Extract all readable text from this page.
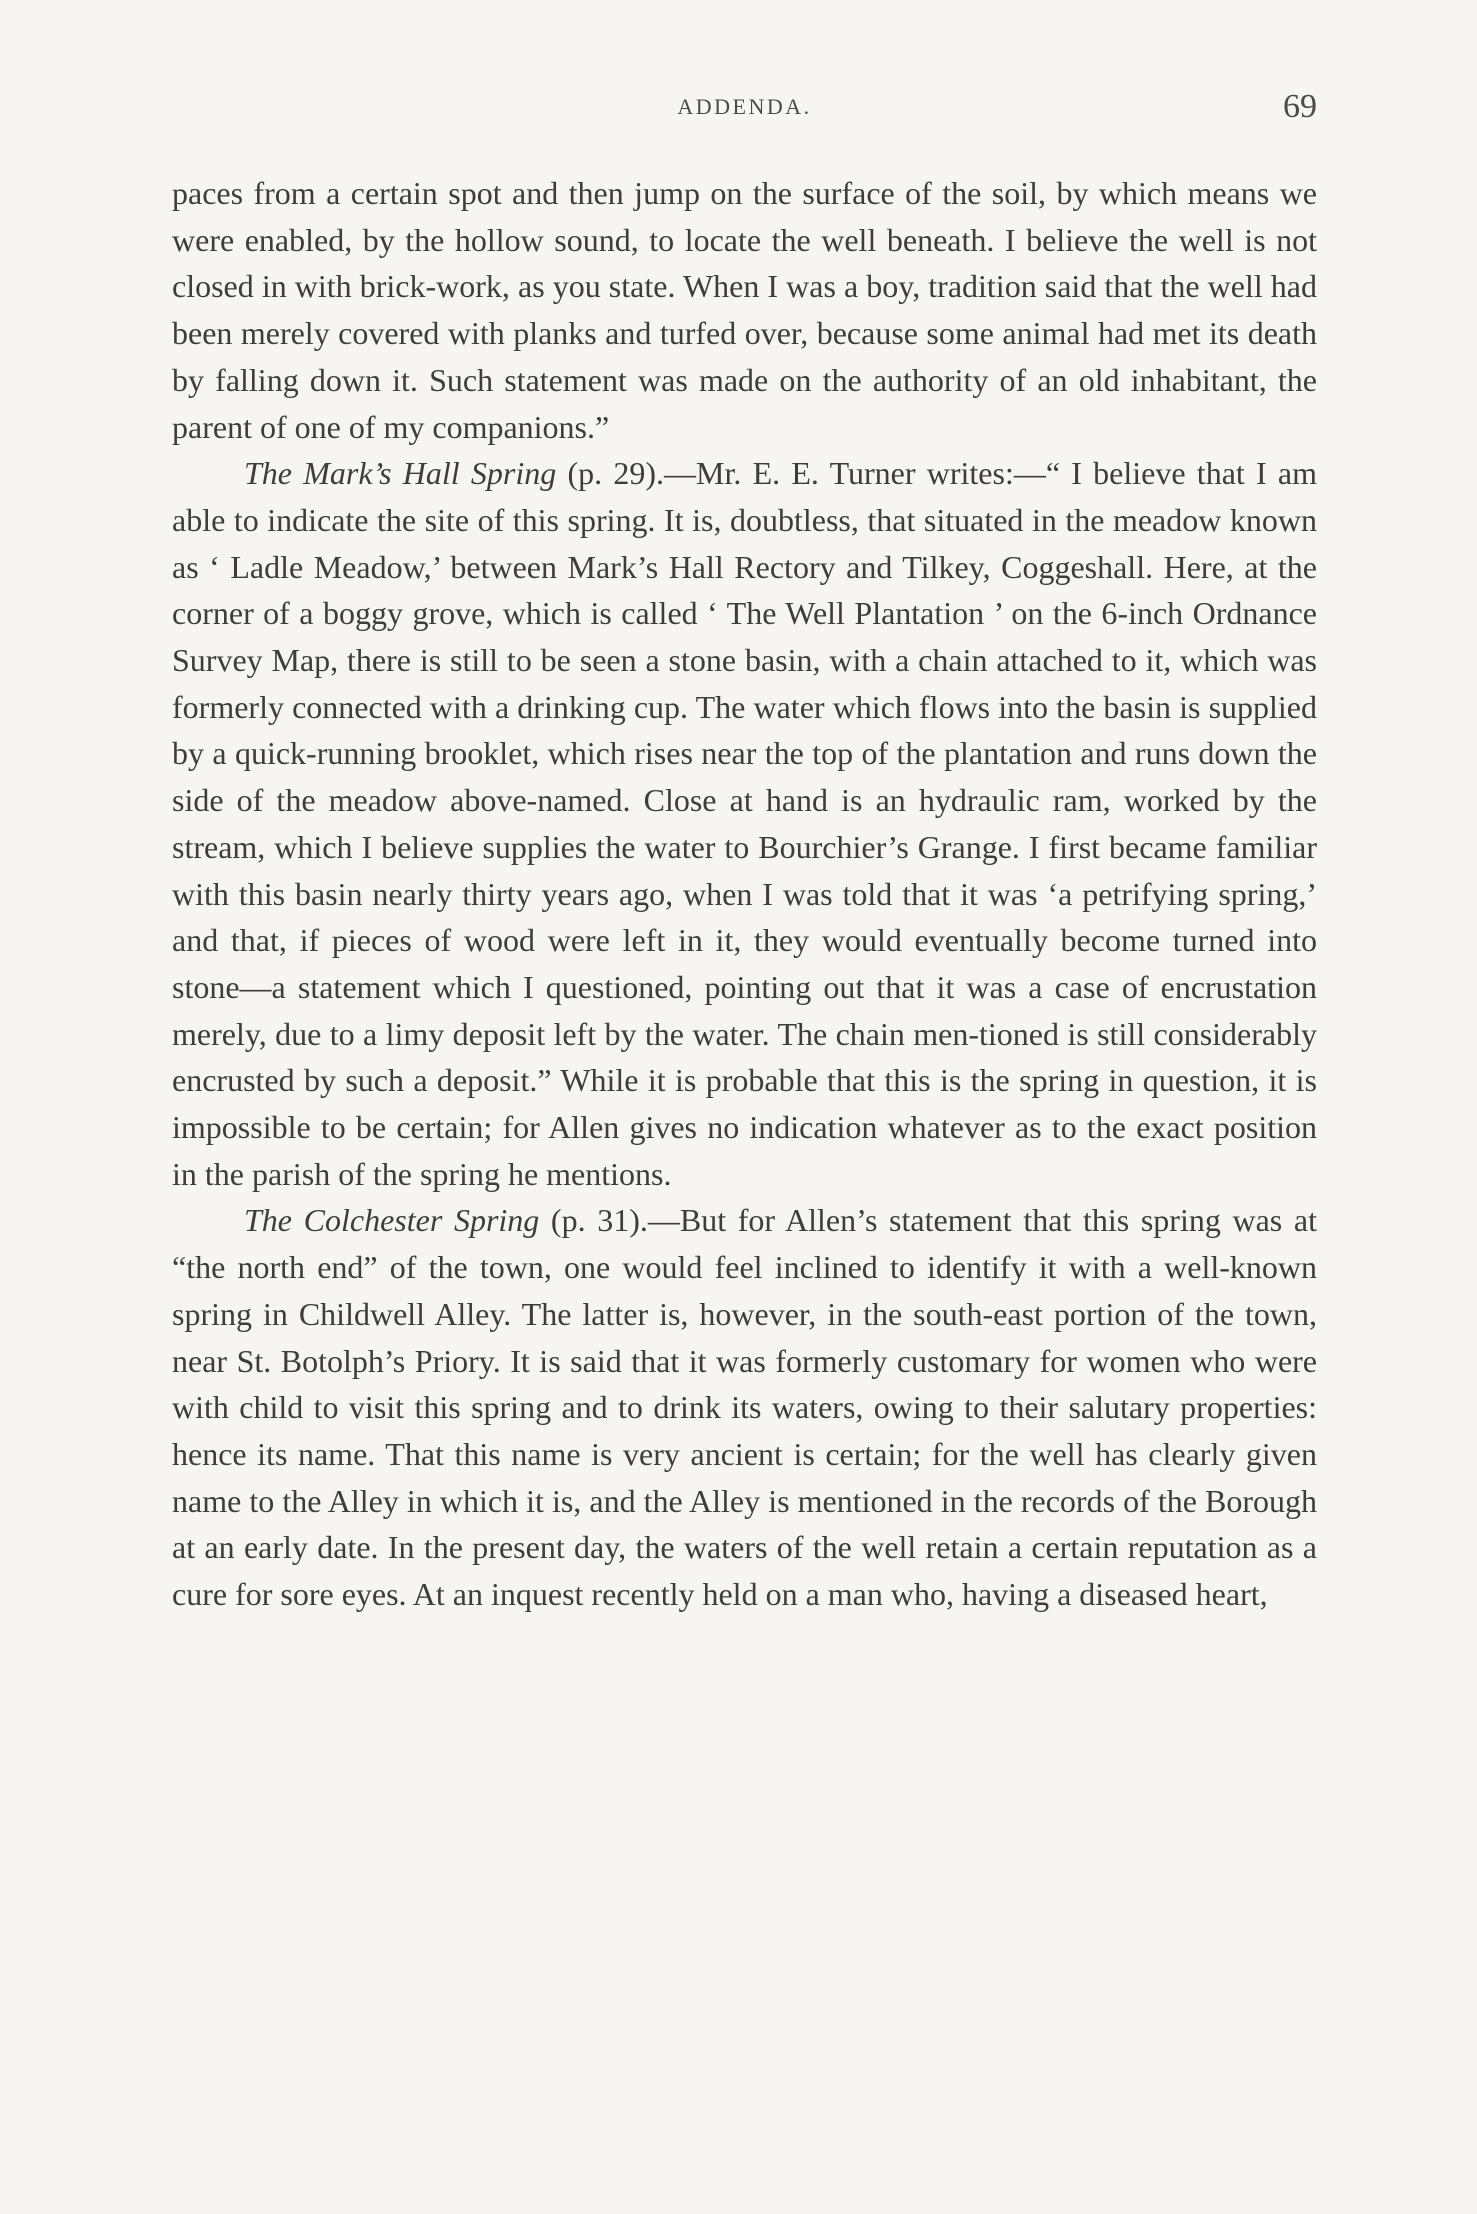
ADDENDA.	69

paces from a certain spot and then jump on the surface of the soil, by which means we were enabled, by the hollow sound, to locate the well beneath. I believe the well is not closed in with brick-work, as you state. When I was a boy, tradition said that the well had been merely covered with planks and turfed over, because some animal had met its death by falling down it. Such statement was made on the authority of an old inhabitant, the parent of one of my companions.”

The Mark’s Hall Spring (p. 29).—Mr. E. E. Turner writes:—“ I believe that I am able to indicate the site of this spring. It is, doubtless, that situated in the meadow known as ‘ Ladle Meadow,’ between Mark’s Hall Rectory and Tilkey, Coggeshall. Here, at the corner of a boggy grove, which is called ‘ The Well Plantation ’ on the 6-inch Ordnance Survey Map, there is still to be seen a stone basin, with a chain attached to it, which was formerly connected with a drinking cup. The water which flows into the basin is supplied by a quick-running brooklet, which rises near the top of the plantation and runs down the side of the meadow above-named. Close at hand is an hydraulic ram, worked by the stream, which I believe supplies the water to Bourchier’s Grange. I first became familiar with this basin nearly thirty years ago, when I was told that it was ‘a petrifying spring,’ and that, if pieces of wood were left in it, they would eventually become turned into stone—a statement which I questioned, pointing out that it was a case of encrustation merely, due to a limy deposit left by the water. The chain men-tioned is still considerably encrusted by such a deposit.” While it is probable that this is the spring in question, it is impossible to be certain; for Allen gives no indication whatever as to the exact position in the parish of the spring he mentions.

The Colchester Spring (p. 31).—But for Allen’s statement that this spring was at “the north end” of the town, one would feel inclined to identify it with a well-known spring in Childwell Alley. The latter is, however, in the south-east portion of the town, near St. Botolph’s Priory. It is said that it was formerly customary for women who were with child to visit this spring and to drink its waters, owing to their salutary properties: hence its name. That this name is very ancient is certain; for the well has clearly given name to the Alley in which it is, and the Alley is mentioned in the records of the Borough at an early date. In the present day, the waters of the well retain a certain reputation as a cure for sore eyes. At an inquest recently held on a man who, having a diseased heart,
